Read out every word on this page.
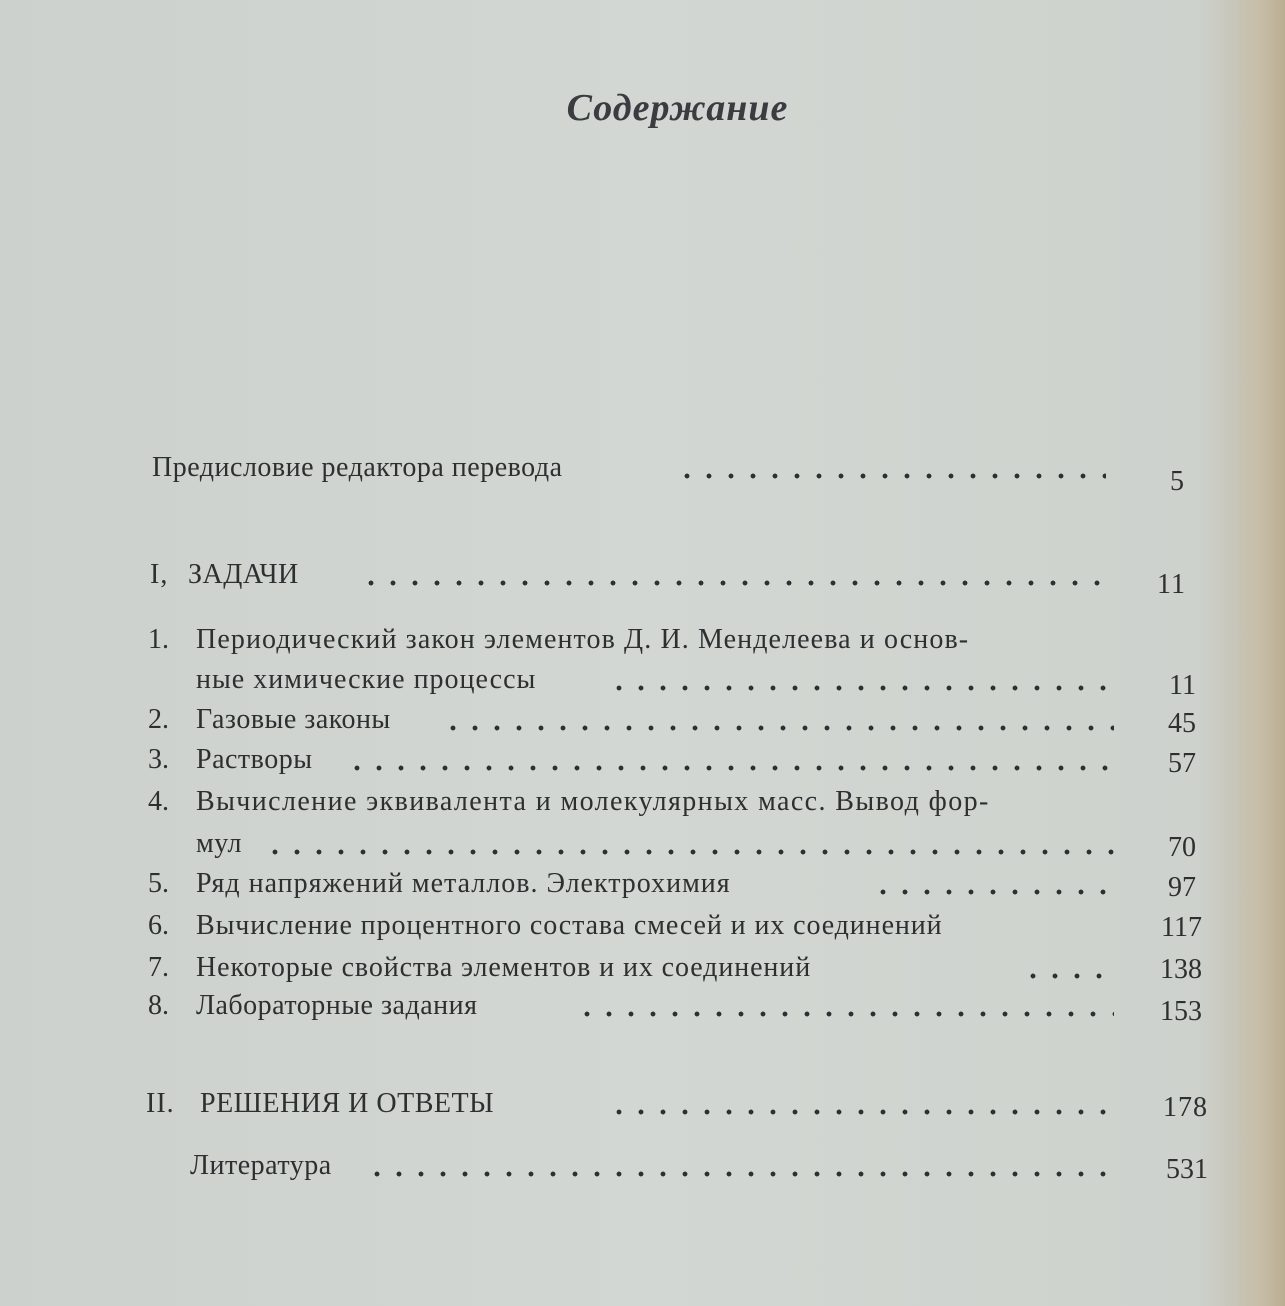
Содержание
Предисловие редактора перевода	5
I, ЗАДАЧИ	11
1. Периодический закон элементов Д. И. Менделеева и основ-
ные химические процессы	11
2. Газовые законы	45
3. Растворы	57
4. Вычисление эквивалента и молекулярных масс. Вывод фор-
мул	70
5. Ряд напряжений металлов. Электрохимия	97
6. Вычисление процентного состава смесей и их соединений	117
7. Некоторые свойства элементов и их соединений	138
8. Лабораторные задания	153
II. РЕШЕНИЯ И ОТВЕТЫ	178
Литература	531
